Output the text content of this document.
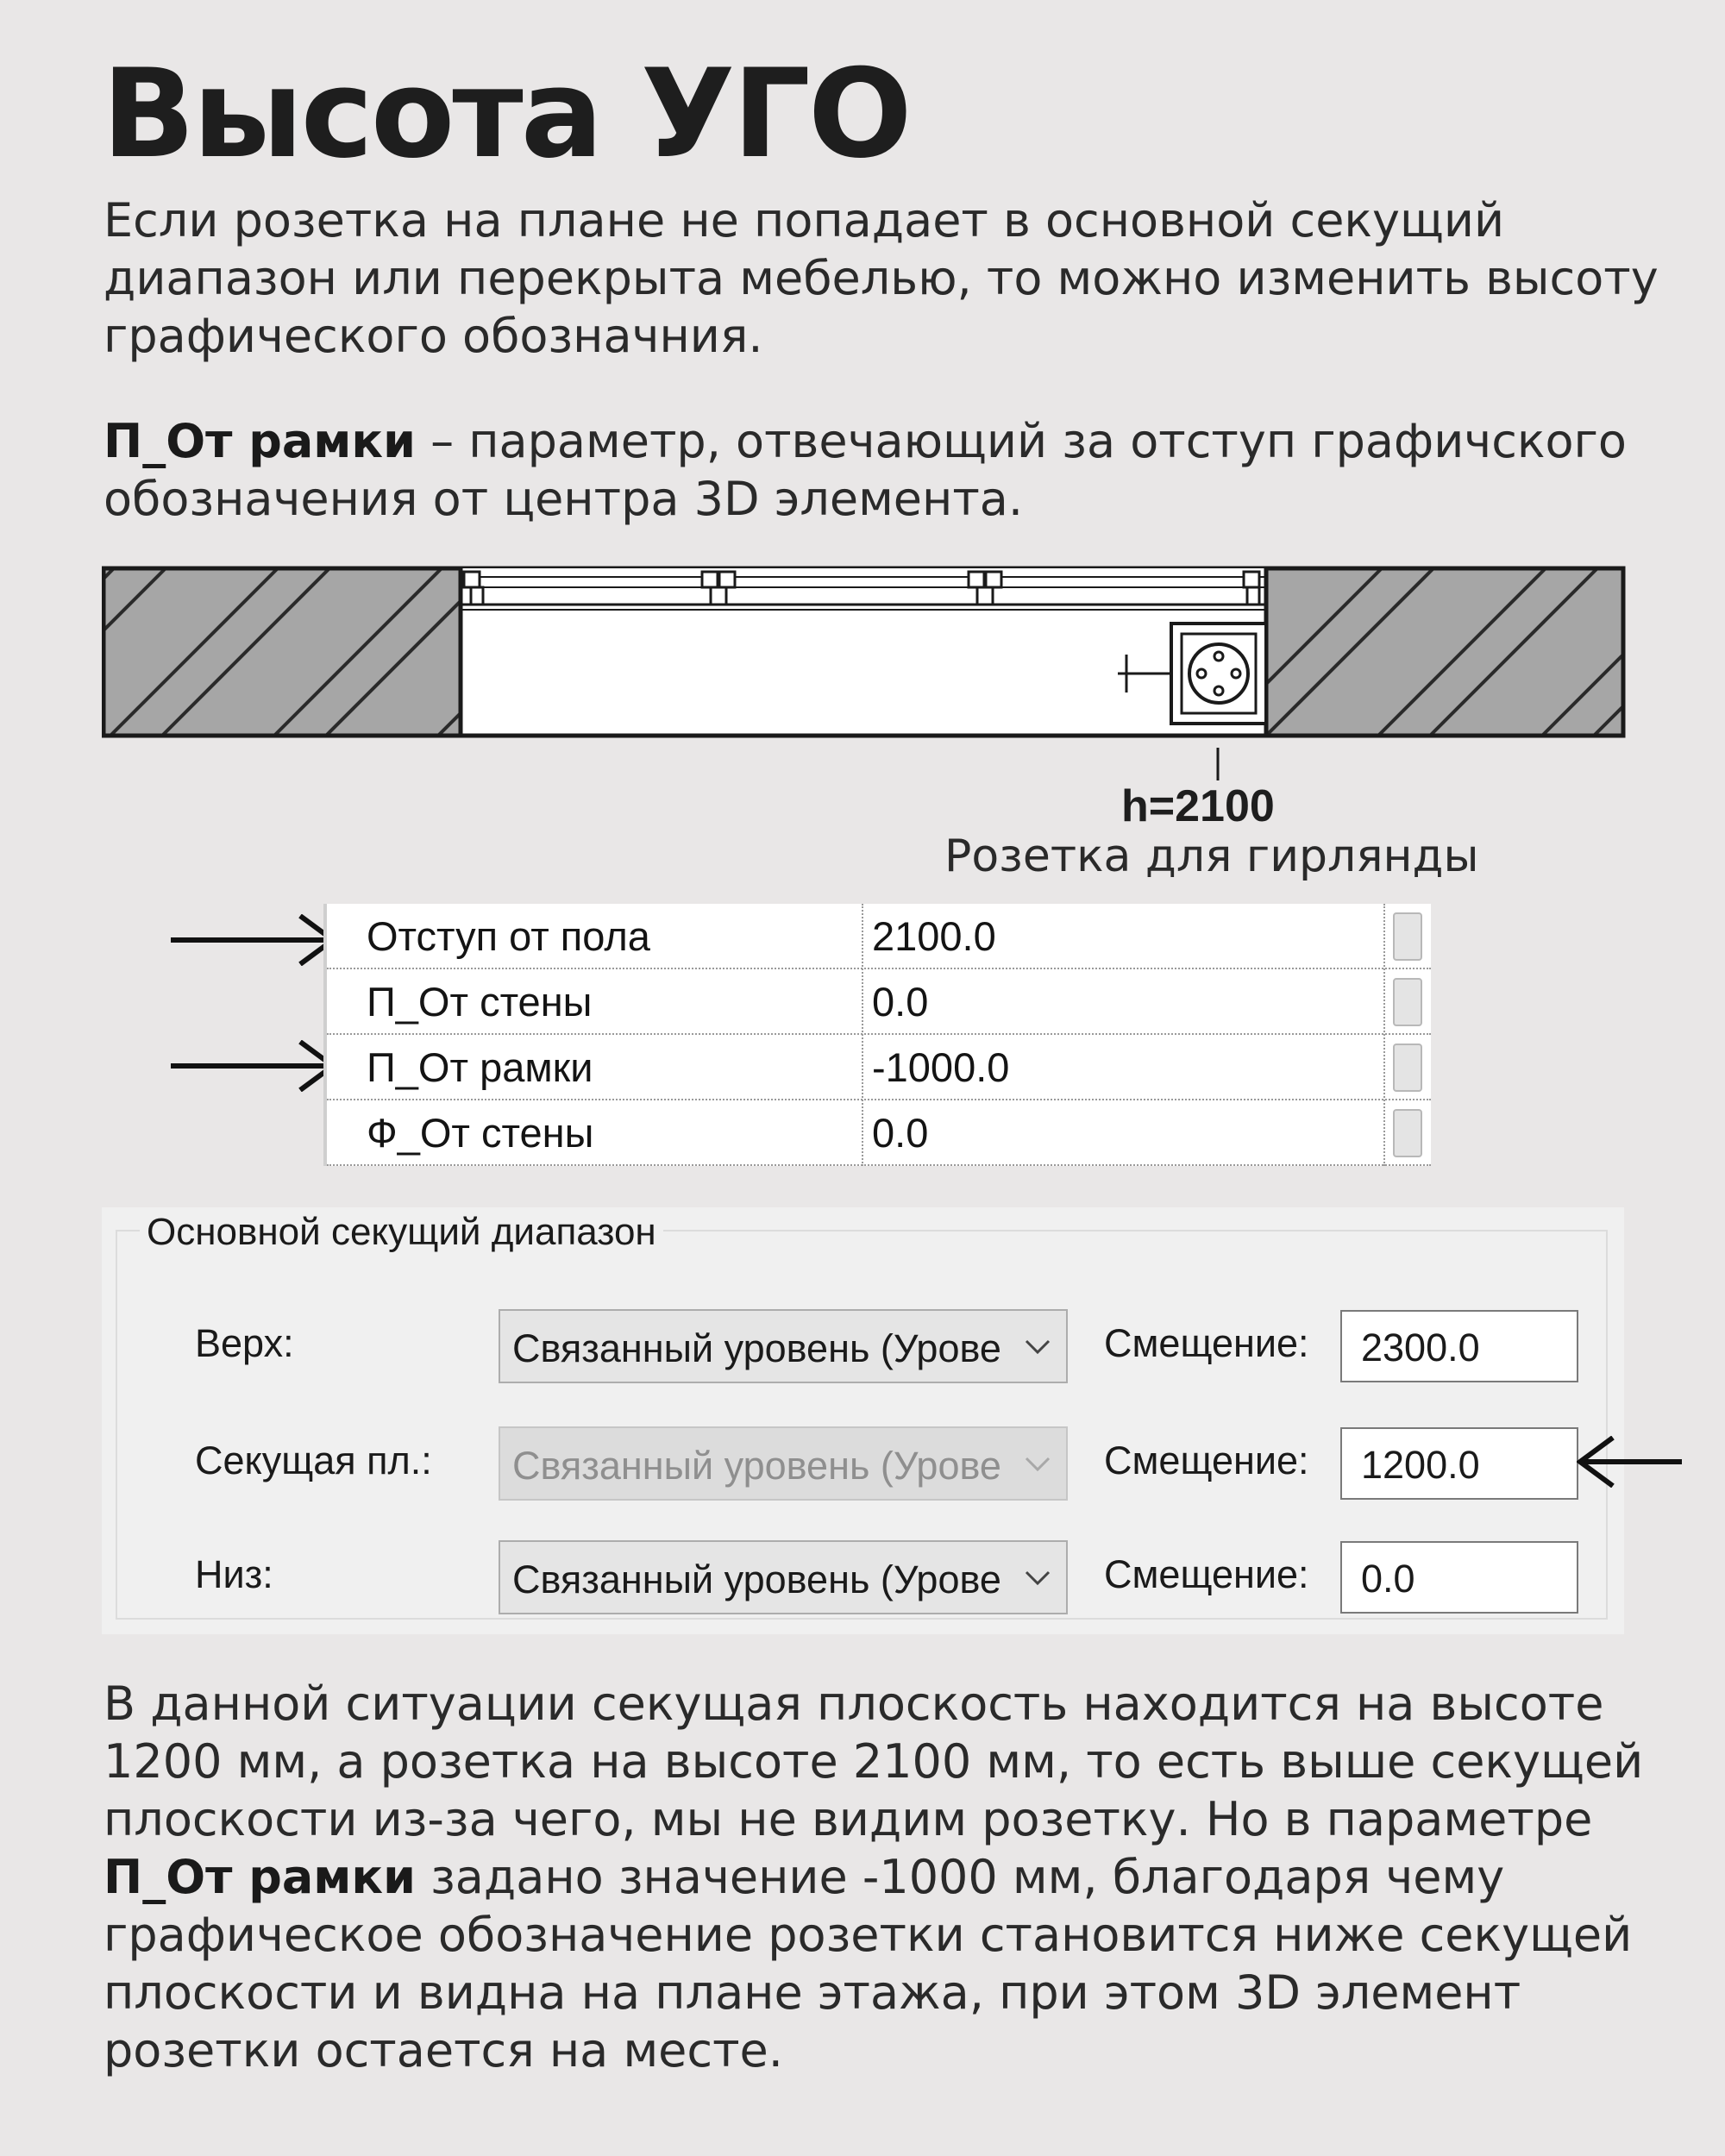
Высота УГО

Если розетка на плане не попадает в основной секущий диапазон или перекрыта мебелью, то можно изменить высоту графического обозначния.

П_От рамки – параметр, отвечающий за отступ графичского обозначения от центра 3D элемента.

h=2100
Розетка для гирлянды
Отступ от пола	2100.0
П_От стены	0.0
П_От рамки	-1000.0
Ф_От стены	0.0
Основной секущий диапазон
Верх:	Связанный уровень (Урове	Смещение: 2300.0
Секущая пл.: Связанный уровень (Урове	Смещение: 1200.0
Низ:	Связанный уровень (Урове	Смещение: 0.0

В данной ситуации секущая плоскость находится на высоте 1200 мм, а розетка на высоте 2100 мм, то есть выше секущей плоскости из-за чего, мы не видим розетку. Но в параметре П_От рамки задано значение -1000 мм, благодаря чему графическое обозначение розетки становится ниже секущей плоскости и видна на плане этажа, при этом 3D элемент розетки остается на месте.
